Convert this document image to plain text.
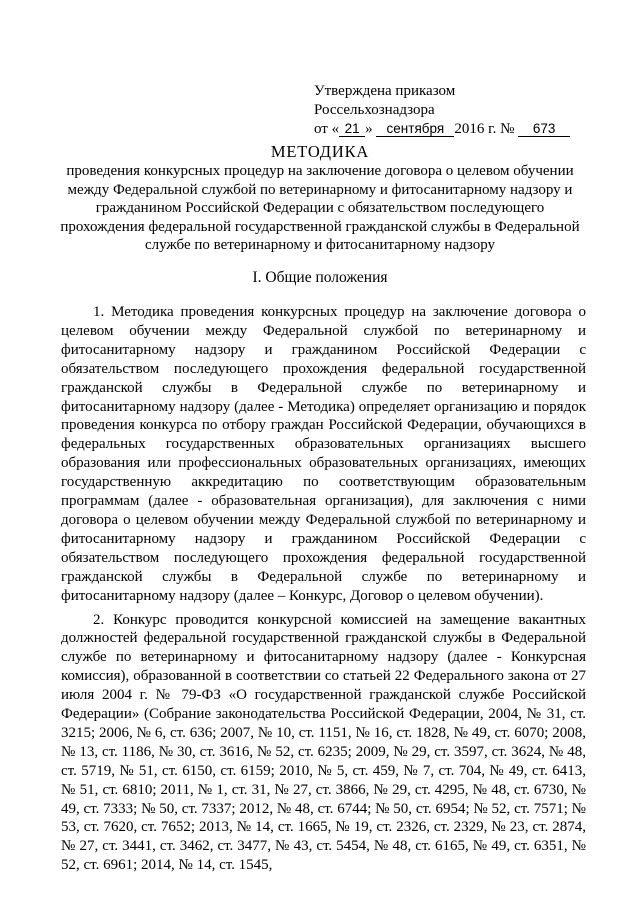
Утверждена приказом
Россельхознадзора
от « 21 » сентября 2016 г. № 673
МЕТОДИКА
проведения конкурсных процедур на заключение договора о целевом обучении между Федеральной службой по ветеринарному и фитосанитарному надзору и гражданином Российской Федерации с обязательством последующего прохождения федеральной государственной гражданской службы в Федеральной службе по ветеринарному и фитосанитарному надзору
I. Общие положения

1. Методика проведения конкурсных процедур на заключение договора о целевом обучении между Федеральной службой по ветеринарному и фитосанитарному надзору и гражданином Российской Федерации с обязательством последующего прохождения федеральной государственной гражданской службы в Федеральной службе по ветеринарному и фитосанитарному надзору (далее - Методика) определяет организацию и порядок проведения конкурса по отбору граждан Российской Федерации, обучающихся в федеральных государственных образовательных организациях высшего образования или профессиональных образовательных организациях, имеющих государственную аккредитацию по соответствующим образовательным программам (далее - образовательная организация), для заключения с ними договора о целевом обучении между Федеральной службой по ветеринарному и фитосанитарному надзору и гражданином Российской Федерации с обязательством последующего прохождения федеральной государственной гражданской службы в Федеральной службе по ветеринарному и фитосанитарному надзору (далее – Конкурс, Договор о целевом обучении).

2. Конкурс проводится конкурсной комиссией на замещение вакантных должностей федеральной государственной гражданской службы в Федеральной службе по ветеринарному и фитосанитарному надзору (далее - Конкурсная комиссия), образованной в соответствии со статьей 22 Федерального закона от 27 июля 2004 г. № 79-ФЗ «О государственной гражданской службе Российской Федерации» (Собрание законодательства Российской Федерации, 2004, № 31, ст. 3215; 2006, № 6, ст. 636; 2007, № 10, ст. 1151, № 16, ст. 1828, № 49, ст. 6070; 2008, № 13, ст. 1186, № 30, ст. 3616, № 52, ст. 6235; 2009, № 29, ст. 3597, ст. 3624, № 48, ст. 5719, № 51, ст. 6150, ст. 6159; 2010, № 5, ст. 459, № 7, ст. 704, № 49, ст. 6413, № 51, ст. 6810; 2011, № 1, ст. 31, № 27, ст. 3866, № 29, ст. 4295, № 48, ст. 6730, № 49, ст. 7333; № 50, ст. 7337; 2012, № 48, ст. 6744; № 50, ст. 6954; № 52, ст. 7571; № 53, ст. 7620, ст. 7652; 2013, № 14, ст. 1665, № 19, ст. 2326, ст. 2329, № 23, ст. 2874, № 27, ст. 3441, ст. 3462, ст. 3477, № 43, ст. 5454, № 48, ст. 6165, № 49, ст. 6351, № 52, ст. 6961; 2014, № 14, ст. 1545,
